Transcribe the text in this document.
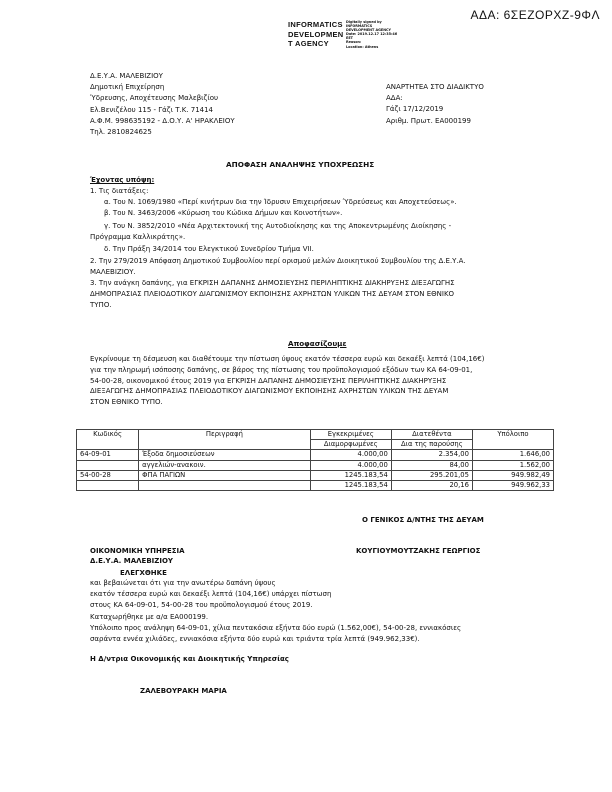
ΑΔΑ: 6ΣΕΖΟΡΧΖ-9ΦΛ
INFORMATICS
DEVELOPMEN
T AGENCY
Digitally signed by
INFORMATICS
DEVELOPMENT AGENCY
Date: 2019.12.17 12:35:46
EET
Reason:
Location: Athens
Δ.Ε.Υ.Α. ΜΑΛΕΒΙΖΙΟΥ
Δημοτική Επιχείρηση
Ύδρευσης, Αποχέτευσης Μαλεβιζίου
Ελ.Βενιζέλου 115 - Γάζι Τ.Κ. 71414
Α.Φ.Μ. 998635192 - Δ.Ο.Υ. Α' ΗΡΑΚΛΕΙΟΥ
Τηλ. 2810824625
ΑΝΑΡΤΗΤΕΑ ΣΤΟ ΔΙΑΔΙΚΤΥΟ
ΑΔΑ:
Γάζι 17/12/2019
Αριθμ. Πρωτ. ΕΑ000199
ΑΠΟΦΑΣΗ ΑΝΑΛΗΨΗΣ ΥΠΟΧΡΕΩΣΗΣ
Έχοντας υπόψη:
1. Τις διατάξεις:
α. Του Ν. 1069/1980 «Περί κινήτρων δια την Ίδρυσιν Επιχειρήσεων Ύδρεύσεως και Αποχετεύσεως».
β. Του Ν. 3463/2006 «Κύρωση του Κώδικα Δήμων και Κοινοτήτων».
γ. Του Ν. 3852/2010 «Νέα Αρχιτεκτονική της Αυτοδιοίκησης και της Αποκεντρωμένης Διοίκησης -
Πρόγραμμα Καλλικράτης».
δ. Την Πράξη 34/2014 του Ελεγκτικού Συνεδρίου Τμήμα VII.
2. Την 279/2019 Απόφαση Δημοτικού Συμβουλίου περί ορισμού μελών Διοικητικού Συμβουλίου της Δ.Ε.Υ.Α.
ΜΑΛΕΒΙΖΙΟΥ.
3. Την ανάγκη δαπάνης, για ΕΓΚΡΙΣΗ ΔΑΠΑΝΗΣ ΔΗΜΟΣΙΕΥΣΗΣ ΠΕΡΙΛΗΠΤΙΚΗΣ ΔΙΑΚΗΡΥΞΗΣ ΔΙΕΞΑΓΩΓΗΣ
ΔΗΜΟΠΡΑΣΙΑΣ ΠΛΕΙΟΔΟΤΙΚΟΥ ΔΙΑΓΩΝΙΣΜΟΥ ΕΚΠΟΙΗΣΗΣ ΑΧΡΗΣΤΩΝ ΥΛΙΚΩΝ ΤΗΣ ΔΕΥΑΜ ΣΤΟΝ ΕΘΝΙΚΟ
ΤΥΠΟ.
Αποφασίζουμε
Εγκρίνουμε τη δέσμευση και διαθέτουμε την πίστωση ύψους εκατόν τέσσερα ευρώ και δεκαέξι λεπτά (104,16€)
για την πληρωμή ισόποσης δαπάνης, σε βάρος της πίστωσης του προϋπολογισμού εξόδων των ΚΑ 64-09-01,
54-00-28, οικονομικού έτους 2019 για ΕΓΚΡΙΣΗ ΔΑΠΑΝΗΣ ΔΗΜΟΣΙΕΥΣΗΣ ΠΕΡΙΛΗΠΤΙΚΗΣ ΔΙΑΚΗΡΥΞΗΣ
ΔΙΕΞΑΓΩΓΗΣ ΔΗΜΟΠΡΑΣΙΑΣ ΠΛΕΙΟΔΟΤΙΚΟΥ ΔΙΑΓΩΝΙΣΜΟΥ ΕΚΠΟΙΗΣΗΣ ΑΧΡΗΣΤΩΝ ΥΛΙΚΩΝ ΤΗΣ ΔΕΥΑΜ
ΣΤΟΝ ΕΘΝΙΚΟ ΤΥΠΟ.
Κωδικός	Περιγραφή	Εγκεκριμένες	Διατεθέντα	Υπόλοιπο
		Διαμορφωμένες	Δια της παρούσης	
64-09-01	Έξοδα δημοσιεύσεων	4.000,00	2.354,00	1.646,00
	αγγελιών-ανακοιν.	4.000,00	84,00	1.562,00
54-00-28	ΦΠΑ ΠΑΓΙΩΝ	1245.183,54	295.201,05	949.982,49
		1245.183,54	20,16	949.962,33
Ο ΓΕΝΙΚΟΣ Δ/ΝΤΗΣ ΤΗΣ ΔΕΥΑΜ
ΟΙΚΟΝΟΜΙΚΗ ΥΠΗΡΕΣΙΑ
Δ.Ε.Υ.Α. ΜΑΛΕΒΙΖΙΟΥ
ΚΟΥΓΙΟΥΜΟΥΤΖΑΚΗΣ ΓΕΩΡΓΙΟΣ
ΕΛΕΓΧΘΗΚΕ
και βεβαιώνεται ότι για την ανωτέρω δαπάνη ύψους
εκατόν τέσσερα ευρώ και δεκαέξι λεπτά (104,16€) υπάρχει πίστωση
στους ΚΑ 64-09-01, 54-00-28 του προϋπολογισμού έτους 2019.
Καταχωρήθηκε με α/α ΕΑ000199.
Υπόλοιπο προς ανάληψη 64-09-01, χίλια πεντακόσια εξήντα δύο ευρώ (1.562,00€), 54-00-28, εννιακόσιες
σαράντα εννέα χιλιάδες, εννιακόσια εξήντα δύο ευρώ και τριάντα τρία λεπτά (949.962,33€).
Η Δ/ντρια Οικονομικής και Διοικητικής Υπηρεσίας
ΖΑΛΕΒΟΥΡΑΚΗ ΜΑΡΙΑ
